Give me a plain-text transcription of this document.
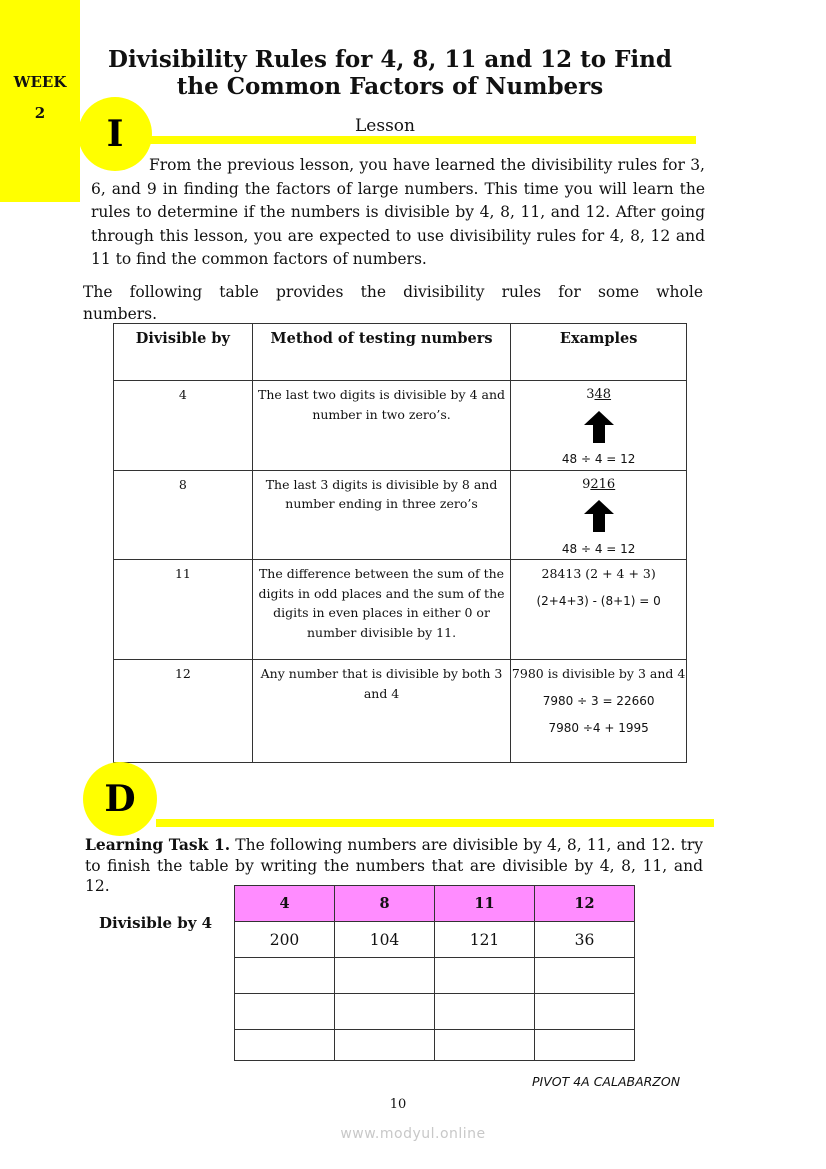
WEEK
2
Divisibility Rules for 4, 8, 11 and 12 to Find
the Common Factors of Numbers
I	Lesson
From the previous lesson, you have learned the divisibility rules for 3, 6, and 9 in finding the factors of large numbers. This time you will learn the rules to determine if the numbers is divisible by 4, 8, 11, and 12. After going through this lesson, you are expected to use divisibility rules for 4, 8, 12 and 11 to find the common factors of numbers.
The following table provides the divisibility rules for some whole
numbers.
Divisible by	Method of testing numbers	Examples
4	The last two digits is divisible by 4 and number in two zero’s.	348
48 ÷ 4 = 12

8	The last 3 digits is divisible by 8 and number ending in three zero’s	9216
48 ÷ 4 = 12

11	The difference between the sum of the digits in odd places and the sum of the digits in even places in either 0 or number divisible by 11.	28413 (2 + 4 + 3)
(2+4+3) - (8+1) = 0

12	Any number that is divisible by both 3 and 4	7980 is divisible by 3 and 4
7980 ÷ 3 = 22660
7980 ÷4 + 1995
D
Learning Task 1. The following numbers are divisible by 4, 8, 11, and 12. try to finish the table by writing the numbers that are divisible by 4, 8, 11, and 12.
Divisible by 4
4	8	11	12
200	104	121	36

PIVOT 4A CALABARZON
10
www.modyul.online
